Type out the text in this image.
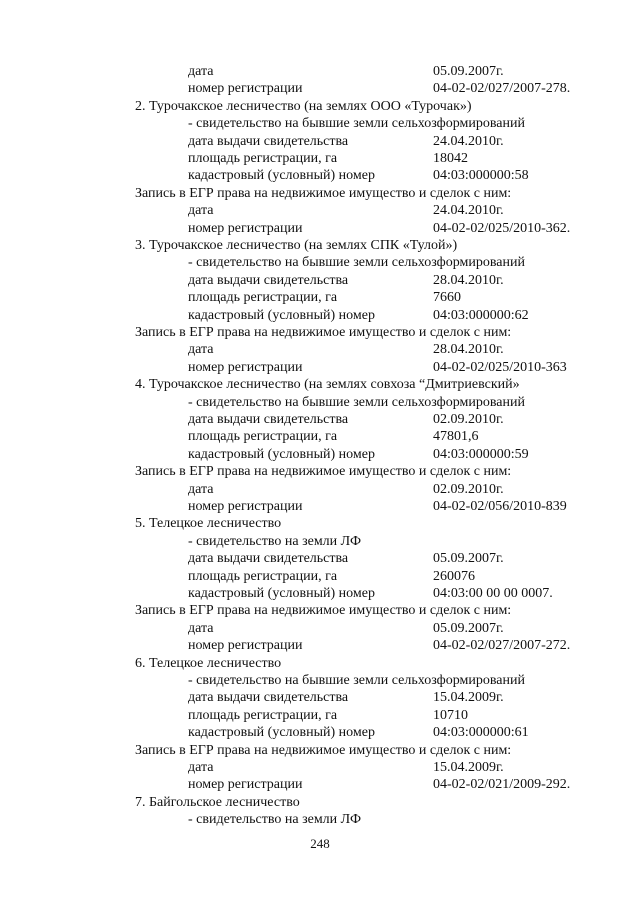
дата	05.09.2007г.
номер регистрации	04-02-02/027/2007-278.
2. Турочакское лесничество (на землях ООО «Турочак»)
- свидетельство на бывшие земли сельхозформирований
дата выдачи свидетельства	24.04.2010г.
площадь регистрации, га	18042
кадастровый (условный) номер	04:03:000000:58
Запись в ЕГР права на недвижимое имущество и сделок с ним:
дата	24.04.2010г.
номер регистрации	04-02-02/025/2010-362.
3. Турочакское лесничество (на землях СПК «Тулой»)
- свидетельство на бывшие земли сельхозформирований
дата выдачи свидетельства	28.04.2010г.
площадь регистрации, га	7660
кадастровый (условный) номер	04:03:000000:62
Запись в ЕГР права на недвижимое имущество и сделок с ним:
дата	28.04.2010г.
номер регистрации	04-02-02/025/2010-363
4. Турочакское лесничество (на землях совхоза “Дмитриевский»
- свидетельство на бывшие земли сельхозформирований
дата выдачи свидетельства	02.09.2010г.
площадь регистрации, га	47801,6
кадастровый (условный) номер	04:03:000000:59
Запись в ЕГР права на недвижимое имущество и сделок с ним:
дата	02.09.2010г.
номер регистрации	04-02-02/056/2010-839
5. Телецкое лесничество
- свидетельство на земли ЛФ
дата выдачи свидетельства	05.09.2007г.
площадь регистрации, га	260076
кадастровый (условный) номер	04:03:00 00 00 0007.
Запись в ЕГР права на недвижимое имущество и сделок с ним:
дата	05.09.2007г.
номер регистрации	04-02-02/027/2007-272.
6. Телецкое лесничество
- свидетельство на бывшие земли сельхозформирований
дата выдачи свидетельства	15.04.2009г.
площадь регистрации, га	10710
кадастровый (условный) номер	04:03:000000:61
Запись в ЕГР права на недвижимое имущество и сделок с ним:
дата	15.04.2009г.
номер регистрации	04-02-02/021/2009-292.
7. Байгольское лесничество
- свидетельство на земли ЛФ
248
